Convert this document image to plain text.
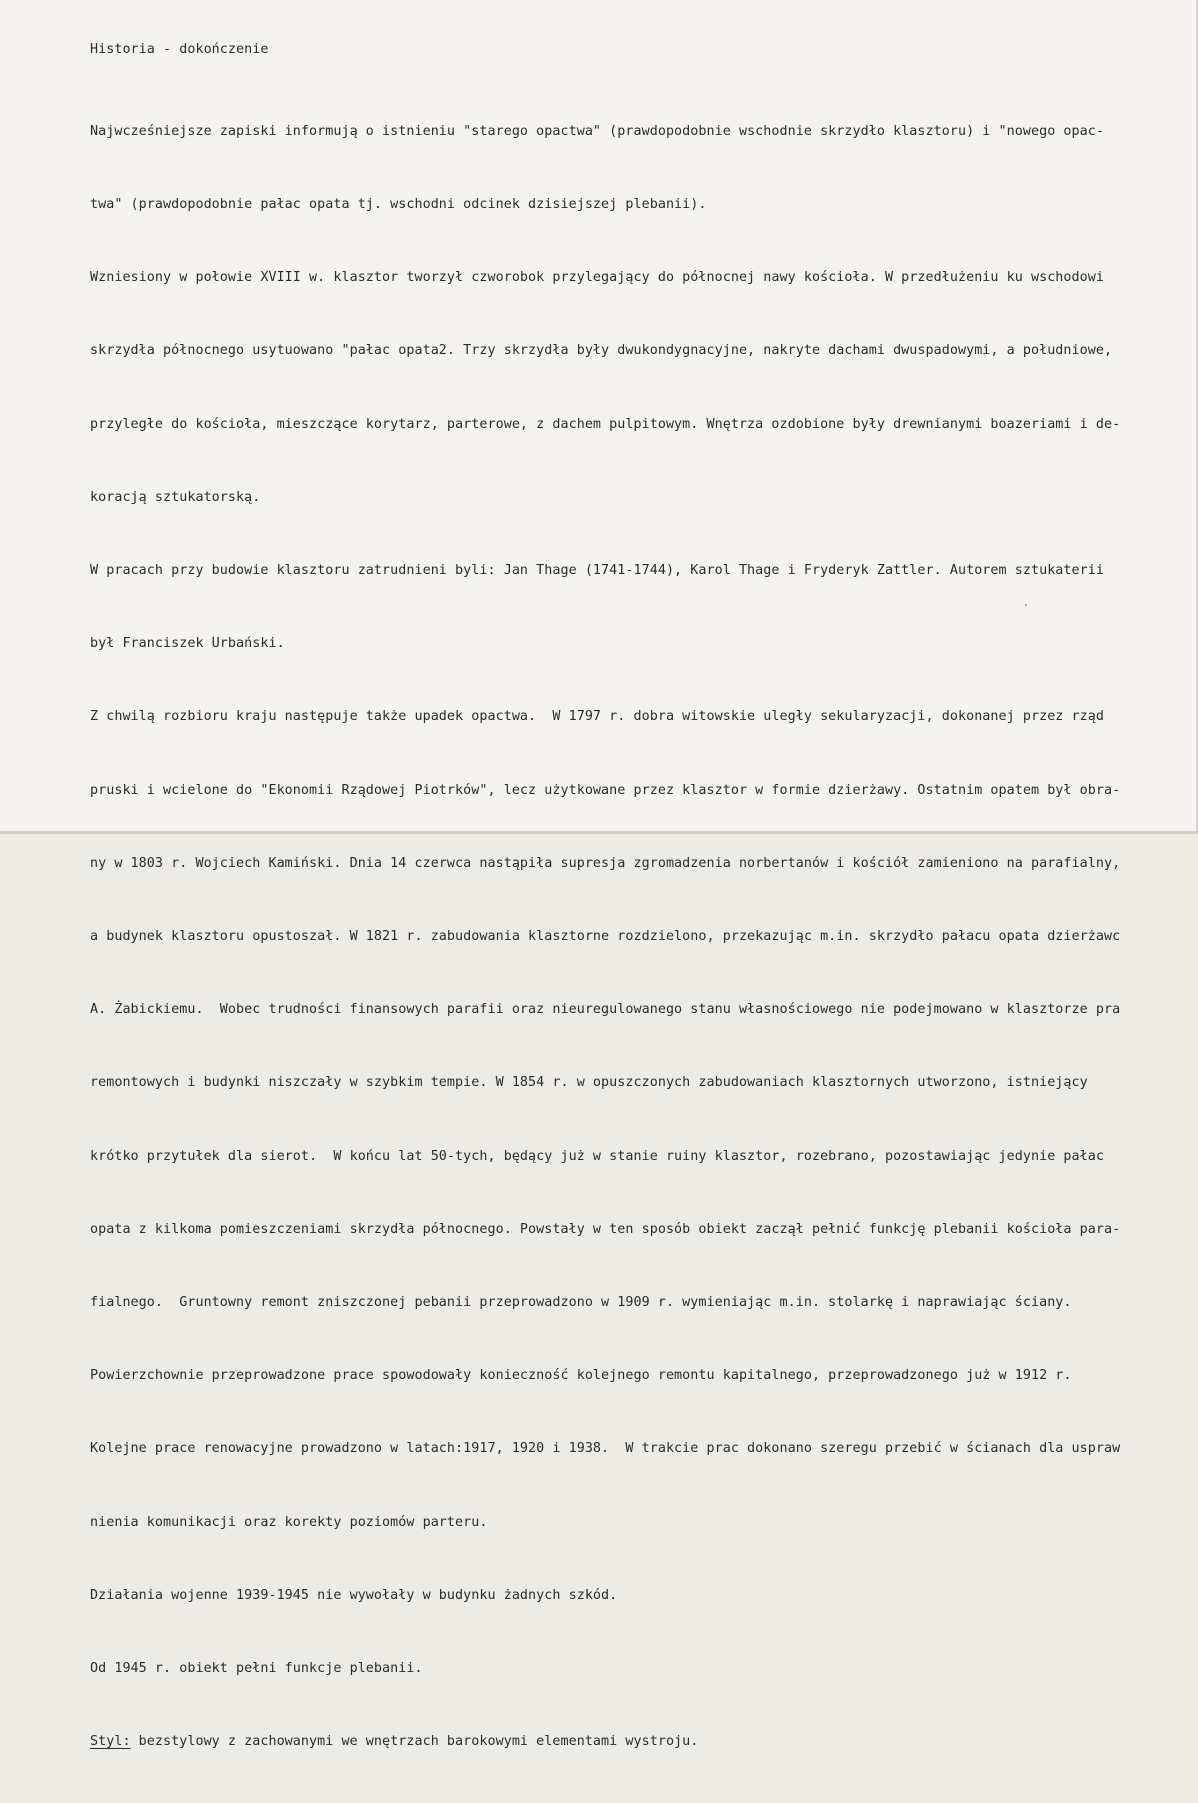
Historia - dokończenie

Najwcześniejsze zapiski informują o istnieniu "starego opactwa" (prawdopodobnie wschodnie skrzydło klasztoru) i "nowego opac-

twa" (prawdopodobnie pałac opata tj. wschodni odcinek dzisiejszej plebanii).

Wzniesiony w połowie XVIII w. klasztor tworzył czworobok przylegający do północnej nawy kościoła. W przedłużeniu ku wschodowi

skrzydła północnego usytuowano "pałac opata2. Trzy skrzydła były dwukondygnacyjne, nakryte dachami dwuspadowymi, a południowe,

przyległe do kościoła, mieszczące korytarz, parterowe, z dachem pulpitowym. Wnętrza ozdobione były drewnianymi boazeriami i de-

koracją sztukatorską.

W pracach przy budowie klasztoru zatrudnieni byli: Jan Thage (1741-1744), Karol Thage i Fryderyk Zattler. Autorem sztukaterii

był Franciszek Urbański.

Z chwilą rozbioru kraju następuje także upadek opactwa.  W 1797 r. dobra witowskie uległy sekularyzacji, dokonanej przez rząd

pruski i wcielone do "Ekonomii Rządowej Piotrków", lecz użytkowane przez klasztor w formie dzierżawy. Ostatnim opatem był obra-

ny w 1803 r. Wojciech Kamiński. Dnia 14 czerwca nastąpiła supresja zgromadzenia norbertanów i kościół zamieniono na parafialny,

a budynek klasztoru opustoszał. W 1821 r. zabudowania klasztorne rozdzielono, przekazując m.in. skrzydło pałacu opata dzierżawc

A. Żabickiemu.  Wobec trudności finansowych parafii oraz nieuregulowanego stanu własnościowego nie podejmowano w klasztorze pra

remontowych i budynki niszczały w szybkim tempie. W 1854 r. w opuszczonych zabudowaniach klasztornych utworzono, istniejący

krótko przytułek dla sierot.  W końcu lat 50-tych, będący już w stanie ruiny klasztor, rozebrano, pozostawiając jedynie pałac

opata z kilkoma pomieszczeniami skrzydła północnego. Powstały w ten sposób obiekt zaczął pełnić funkcję plebanii kościoła para-

fialnego.  Gruntowny remont zniszczonej pebanii przeprowadzono w 1909 r. wymieniając m.in. stolarkę i naprawiając ściany.

Powierzchownie przeprowadzone prace spowodowały konieczność kolejnego remontu kapitalnego, przeprowadzonego już w 1912 r.

Kolejne prace renowacyjne prowadzono w latach:1917, 1920 i 1938.  W trakcie prac dokonano szeregu przebić w ścianach dla uspraw

nienia komunikacji oraz korekty poziomów parteru.

Działania wojenne 1939-1945 nie wywołały w budynku żadnych szkód.

Od 1945 r. obiekt pełni funkcje plebanii.

Styl: bezstylowy z zachowanymi we wnętrzach barokowymi elementami wystroju.
